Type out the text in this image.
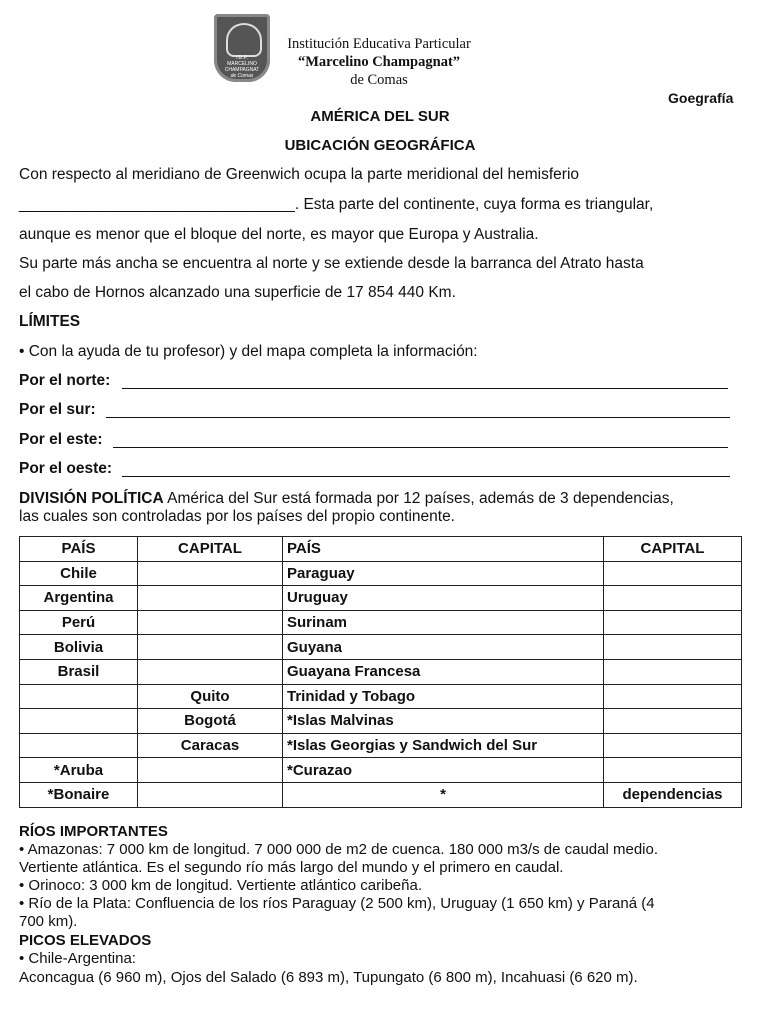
I.E.P.
MARCELINO
CHAMPAGNAT
de Comas
Institución Educativa Particular
“Marcelino Champagnat”
de Comas
Goegrafía
AMÉRICA DEL SUR
UBICACIÓN GEOGRÁFICA
Con respecto al meridiano de Greenwich ocupa la parte meridional del hemisferio
________________________________. Esta parte del continente, cuya forma es triangular,
aunque es menor que el bloque del norte, es mayor que Europa y Australia.
Su parte más ancha se encuentra al norte y se extiende desde la barranca del Atrato hasta
el cabo de Hornos alcanzado una superficie de 17 854 440 Km.
LÍMITES
• Con la ayuda de tu profesor) y del mapa completa la información:
Por el norte:
Por el sur:
Por el este:
Por el oeste:
DIVISIÓN POLÍTICA América del Sur está formada por 12 países, además de 3 dependencias,
las cuales son controladas por los países del propio continente.
PAÍS	CAPITAL	PAÍS	CAPITAL
Chile		Paraguay	
Argentina		Uruguay	
Perú		Surinam	
Bolivia		Guyana	
Brasil		Guayana Francesa	
	Quito	Trinidad y Tobago	
	Bogotá	*Islas Malvinas	
	Caracas	*Islas Georgias y Sandwich del Sur	
*Aruba		*Curazao	
*Bonaire		*	dependencias
RÍOS IMPORTANTES
• Amazonas: 7 000 km de longitud. 7 000 000 de m2 de cuenca. 180 000 m3/s de caudal medio.
Vertiente atlántica. Es el segundo río más largo del mundo y el primero en caudal.
• Orinoco: 3 000 km de longitud. Vertiente atlántico caribeña.
• Río de la Plata: Confluencia de los ríos Paraguay (2 500 km), Uruguay (1 650 km) y Paraná (4
700 km).
PICOS ELEVADOS
• Chile-Argentina:
Aconcagua (6 960 m), Ojos del Salado (6 893 m), Tupungato (6 800 m), Incahuasi (6 620 m).
